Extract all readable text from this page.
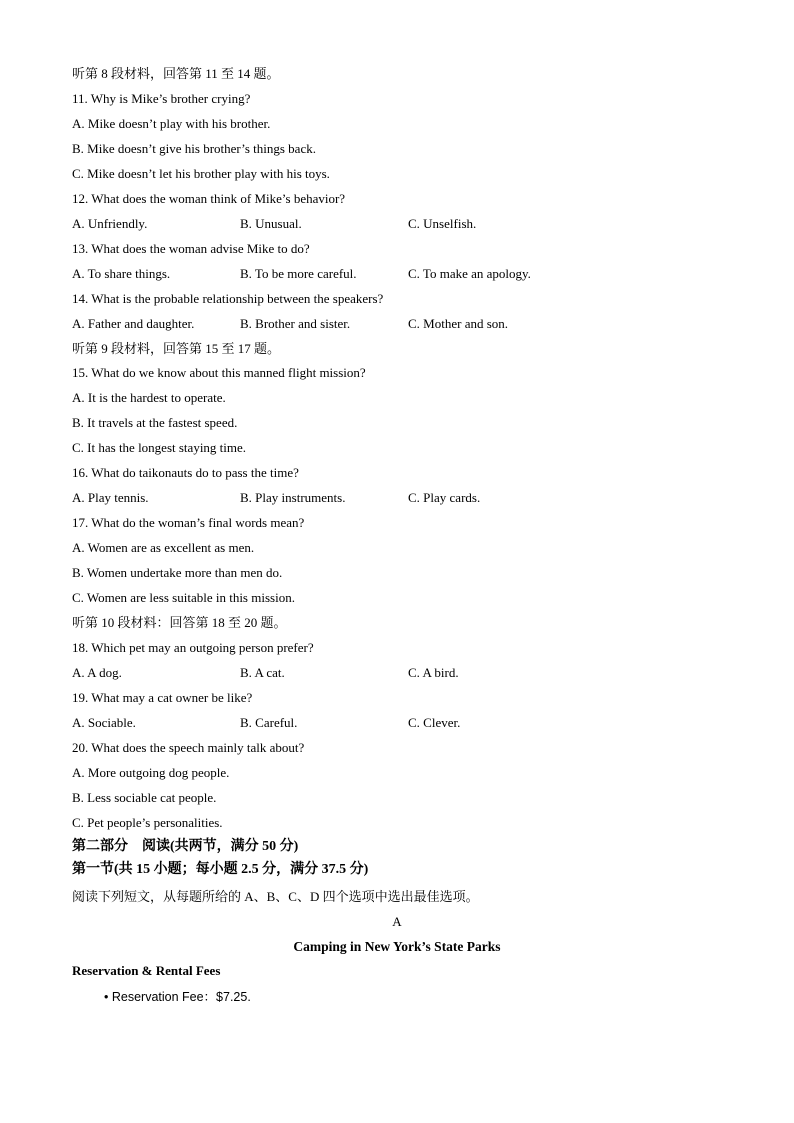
听第 8 段材料，回答第 11 至 14 题。
11. Why is Mike’s brother crying?
A. Mike doesn’t play with his brother.
B. Mike doesn’t give his brother’s things back.
C. Mike doesn’t let his brother play with his toys.
12. What does the woman think of Mike’s behavior?
A. Unfriendly.	B. Unusual.	C. Unselfish.
13. What does the woman advise Mike to do?
A. To share things.	B. To be more careful.	C. To make an apology.
14. What is the probable relationship between the speakers?
A. Father and daughter.	B. Brother and sister.	C. Mother and son.
听第 9 段材料，回答第 15 至 17 题。
15. What do we know about this manned flight mission?
A. It is the hardest to operate.
B. It travels at the fastest speed.
C. It has the longest staying time.
16. What do taikonauts do to pass the time?
A. Play tennis.	B. Play instruments.	C. Play cards.
17. What do the woman’s final words mean?
A. Women are as excellent as men.
B. Women undertake more than men do.
C. Women are less suitable in this mission.
听第 10 段材料：回答第 18 至 20 题。
18. Which pet may an outgoing person prefer?
A. A dog.	B. A cat.	C. A bird.
19. What may a cat owner be like?
A. Sociable.	B. Careful.	C. Clever.
20. What does the speech mainly talk about?
A. More outgoing dog people.
B. Less sociable cat people.
C. Pet people’s personalities.
第二部分　阅读(共两节，满分 50 分)
第一节(共 15 小题；每小题 2.5 分，满分 37.5 分)
阅读下列短文，从每题所给的 A、B、C、D 四个选项中选出最佳选项。
A
Camping in New York’s State Parks
Reservation & Rental Fees
• Reservation Fee：$7.25.
